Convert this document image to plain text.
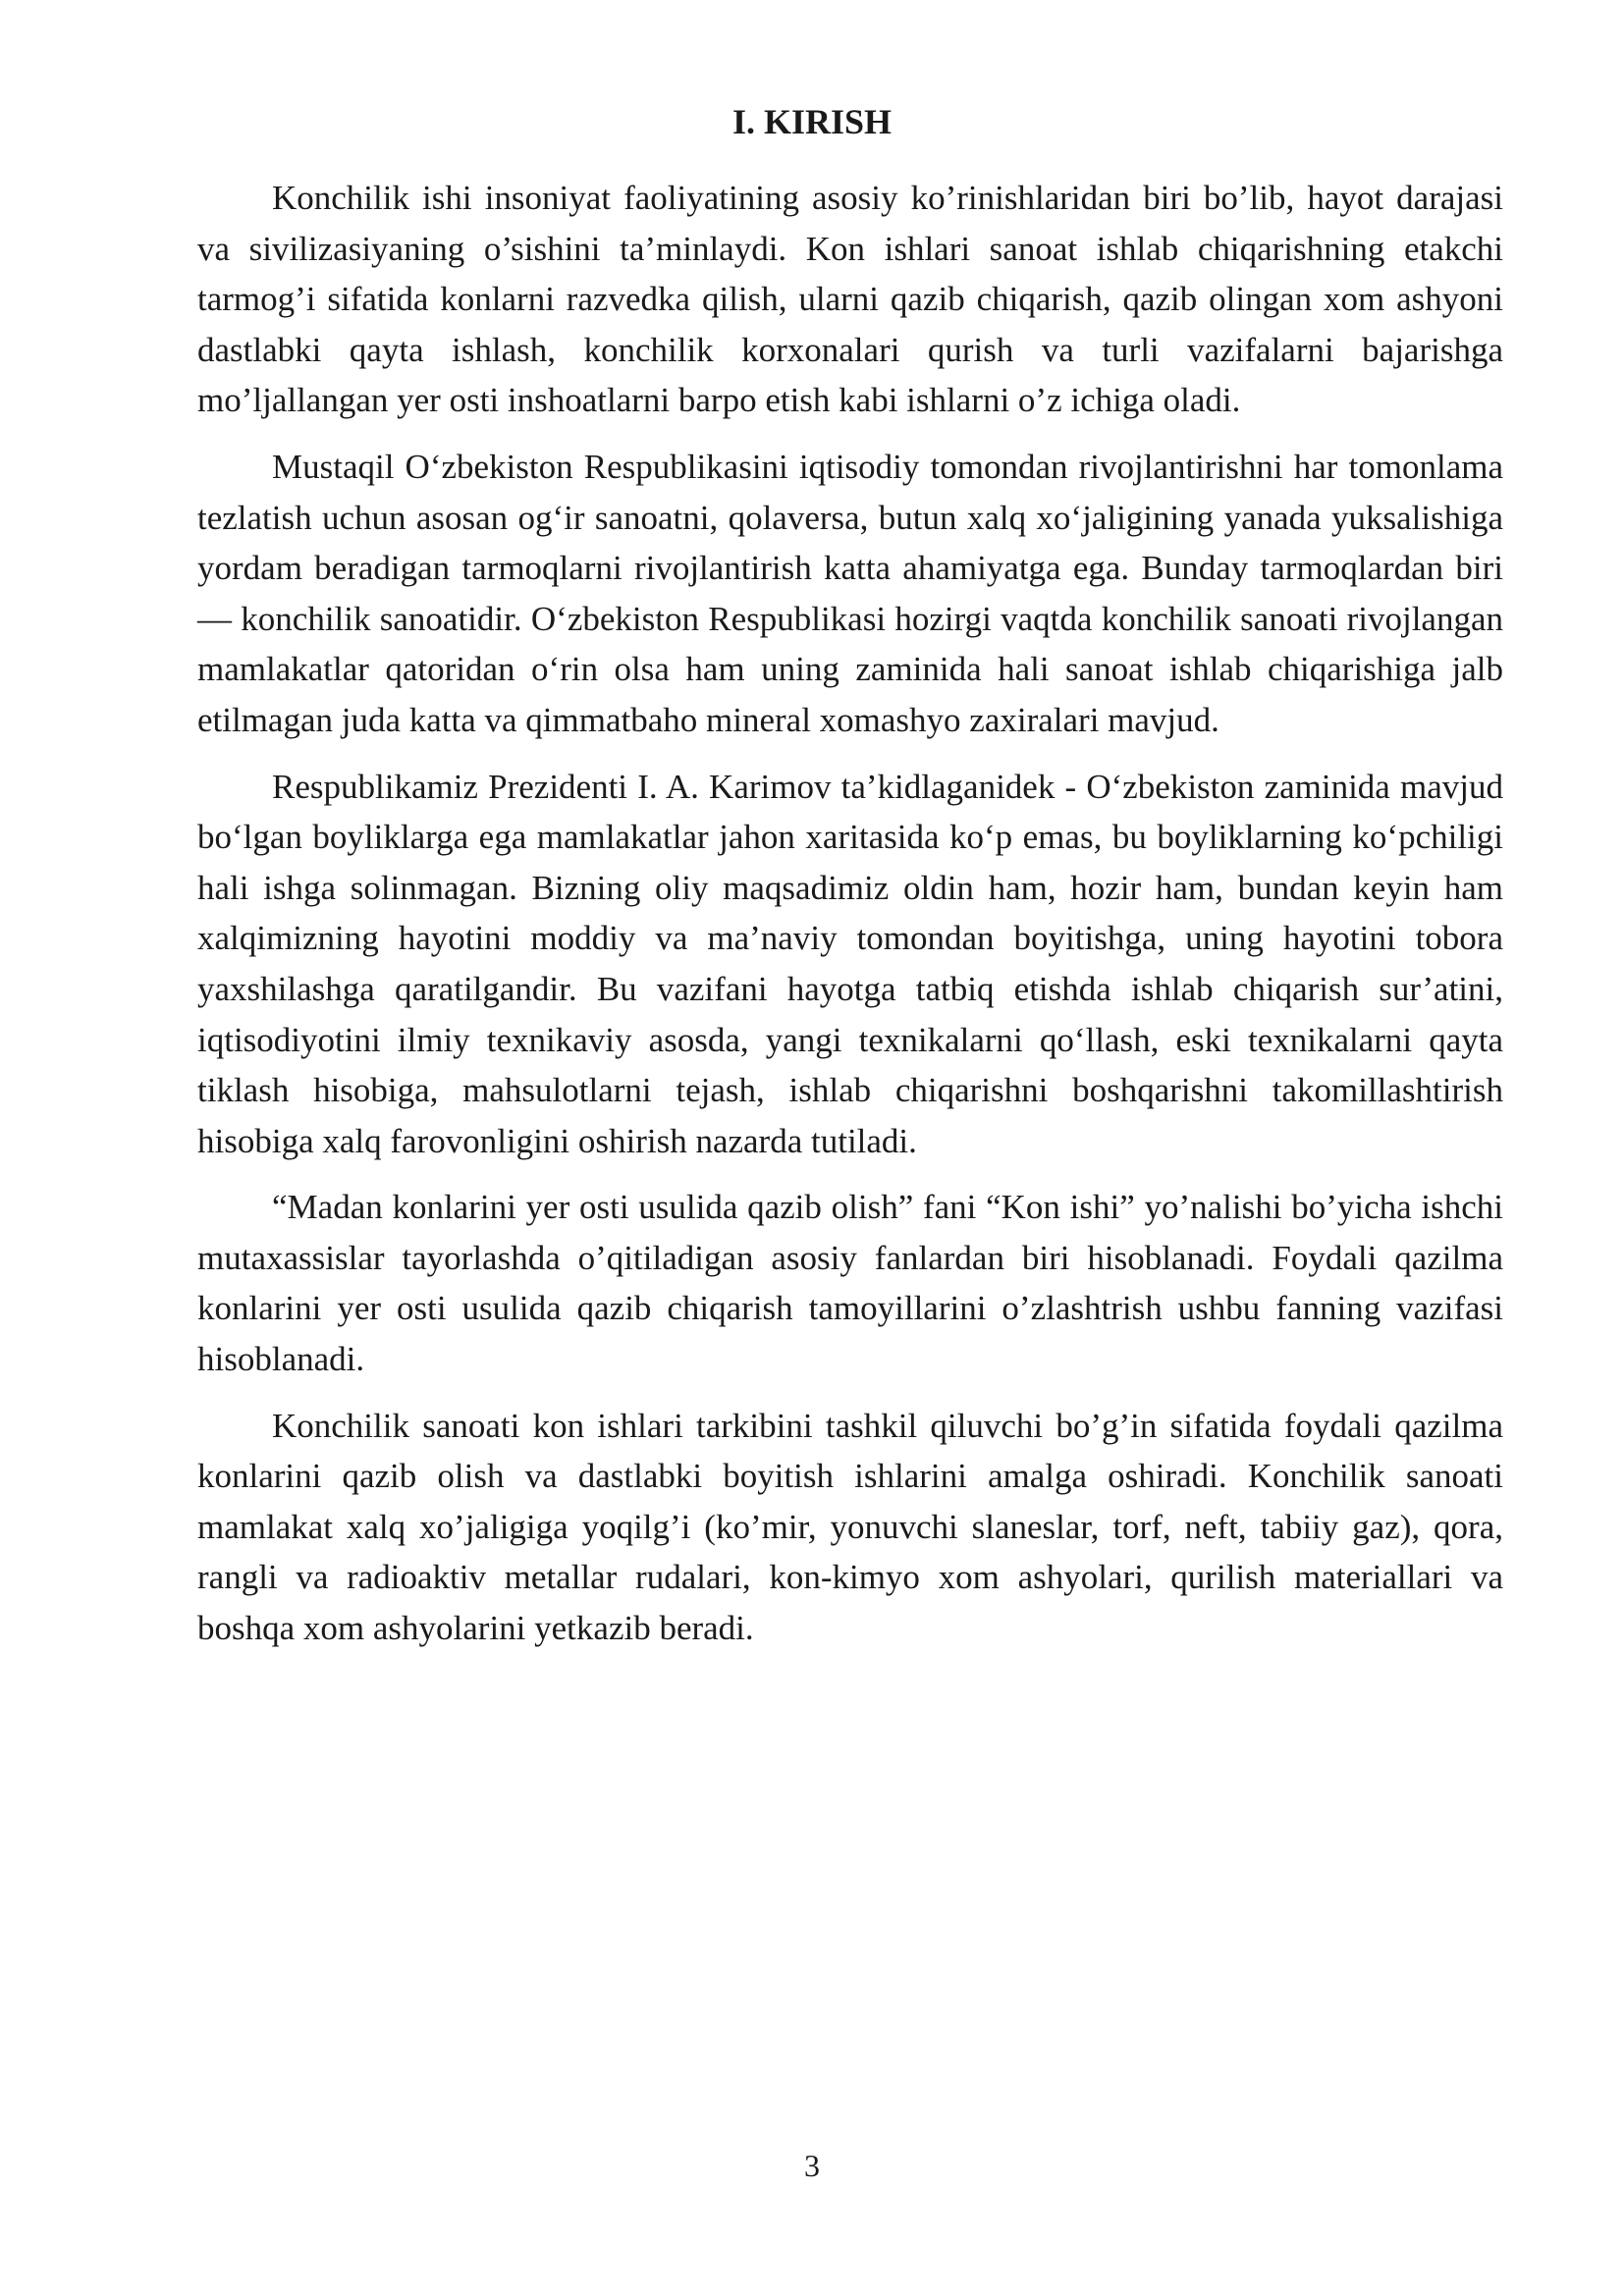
I. KIRISH

Konchilik ishi insoniyat faoliyatining asosiy ko’rinishlaridan biri bo’lib, hayot darajasi va sivilizasiyaning o’sishini ta’minlaydi. Kon ishlari sanoat ishlab chiqarishning etakchi tarmog’i sifatida konlarni razvedka qilish, ularni qazib chiqarish, qazib olingan xom ashyoni dastlabki qayta ishlash, konchilik korxonalari qurish va turli vazifalarni bajarishga mo’ljallangan yer osti inshoatlarni barpo etish kabi ishlarni o’z ichiga oladi.

Mustaqil O‘zbekiston Respublikasini iqtisodiy tomondan rivojlantirishni har tomonlama tezlatish uchun asosan og‘ir sanoatni, qolaversa, butun xalq xo‘jaligining yanada yuksalishiga yordam beradigan tarmoqlarni rivojlantirish katta ahamiyatga ega. Bunday tarmoqlardan biri — konchilik sanoatidir. O‘zbekiston Respublikasi hozirgi vaqtda konchilik sanoati rivojlangan mamlakatlar qatoridan o‘rin olsa ham uning zaminida hali sanoat ishlab chiqarishiga jalb etilmagan juda katta va qimmatbaho mineral xomashyo zaxiralari mavjud.

Respublikamiz Prezidenti I. A. Karimov ta’kidlaganidek - O‘zbekiston zaminida mavjud bo‘lgan boyliklarga ega mamlakatlar jahon xaritasida ko‘p emas, bu boyliklarning ko‘pchiligi hali ishga solinmagan. Bizning oliy maqsadimiz oldin ham, hozir ham, bundan keyin ham xalqimizning hayotini moddiy va ma’naviy tomondan boyitishga, uning hayotini tobora yaxshilashga qaratilgandir. Bu vazifani hayotga tatbiq etishda ishlab chiqarish sur’atini, iqtisodiyotini ilmiy texnikaviy asosda, yangi texnikalarni qo‘llash, eski texnikalarni qayta tiklash hisobiga, mahsulotlarni tejash, ishlab chiqarishni boshqarishni takomillashtirish hisobiga xalq farovonligini oshirish nazarda tutiladi.

“Madan konlarini yer osti usulida qazib olish” fani “Kon ishi” yo’nalishi bo’yicha ishchi mutaxassislar tayorlashda o’qitiladigan asosiy fanlardan biri hisoblanadi. Foydali qazilma konlarini yer osti usulida qazib chiqarish tamoyillarini o’zlashtrish ushbu fanning vazifasi hisoblanadi.

Konchilik sanoati kon ishlari tarkibini tashkil qiluvchi bo’g’in sifatida foydali qazilma konlarini qazib olish va dastlabki boyitish ishlarini amalga oshiradi. Konchilik sanoati mamlakat xalq xo’jaligiga yoqilg’i (ko’mir, yonuvchi slaneslar, torf, neft, tabiiy gaz), qora, rangli va radioaktiv metallar rudalari, kon-kimyo xom ashyolari, qurilish materiallari va boshqa xom ashyolarini yetkazib beradi.

3
